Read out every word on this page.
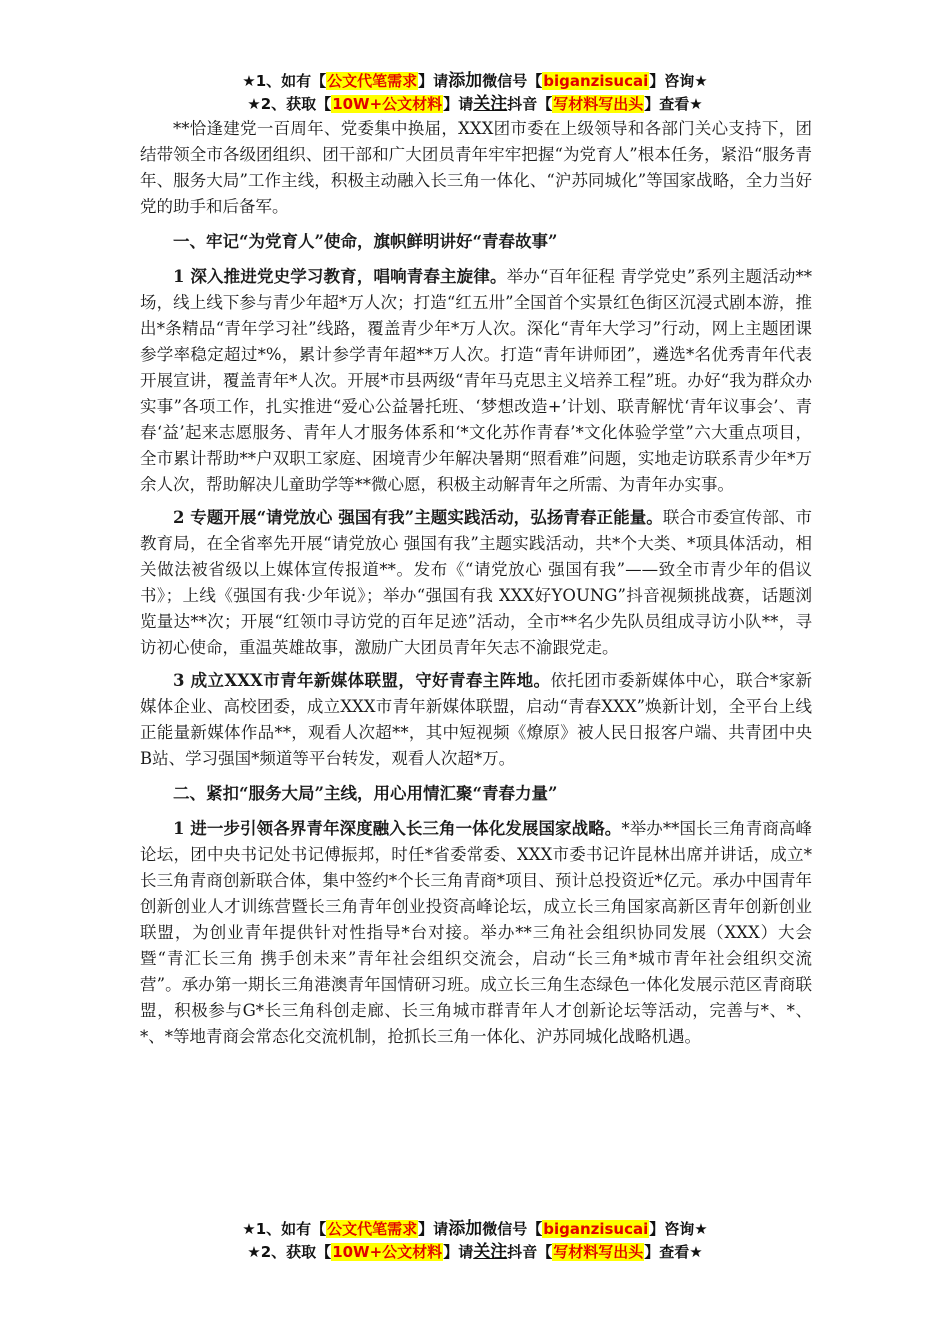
★1、如有【公文代笔需求】请添加微信号【biganzisucai】咨询★
★2、获取【10W+公文材料】请关注抖音【写材料写出头】查看★

**恰逢建党一百周年、党委集中换届，XXX团市委在上级领导和各部门关心支持下，团结带领全市各级团组织、团干部和广大团员青年牢牢把握“为党育人”根本任务，紧沿“服务青年、服务大局”工作主线，积极主动融入长三角一体化、“沪苏同城化”等国家战略，全力当好党的助手和后备军。

一、牢记“为党育人”使命，旗帜鲜明讲好“青春故事”

1 深入推进党史学习教育，唱响青春主旋律。举办“百年征程 青学党史”系列主题活动**场，线上线下参与青少年超*万人次；打造“红五卅”全国首个实景红色街区沉浸式剧本游，推出*条精品“青年学习社”线路，覆盖青少年*万人次。深化“青年大学习”行动，网上主题团课参学率稳定超过*%，累计参学青年超**万人次。打造“青年讲师团”，遴选*名优秀青年代表开展宣讲，覆盖青年*人次。开展*市县两级“青年马克思主义培养工程”班。办好“我为群众办实事”各项工作，扎实推进“爱心公益暑托班、‘梦想改造+’计划、联青解忧‘青年议事会’、青春‘益’起来志愿服务、青年人才服务体系和‘*文化苏作青春’*文化体验学堂”六大重点项目，全市累计帮助**户双职工家庭、困境青少年解决暑期“照看难”问题，实地走访联系青少年*万余人次，帮助解决儿童助学等**微心愿，积极主动解青年之所需、为青年办实事。

2 专题开展“请党放心 强国有我”主题实践活动，弘扬青春正能量。联合市委宣传部、市教育局，在全省率先开展“请党放心 强国有我”主题实践活动，共*个大类、*项具体活动，相关做法被省级以上媒体宣传报道**。发布《“请党放心 强国有我”——致全市青少年的倡议书》；上线《强国有我·少年说》；举办“强国有我 XXX好YOUNG”抖音视频挑战赛，话题浏览量达**次；开展“红领巾寻访党的百年足迹”活动，全市**名少先队员组成寻访小队**，寻访初心使命，重温英雄故事，激励广大团员青年矢志不渝跟党走。

3 成立XXX市青年新媒体联盟，守好青春主阵地。依托团市委新媒体中心，联合*家新媒体企业、高校团委，成立XXX市青年新媒体联盟，启动“青春XXX”焕新计划，全平台上线正能量新媒体作品**，观看人次超**，其中短视频《燎原》被人民日报客户端、共青团中央B站、学习强国*频道等平台转发，观看人次超*万。

二、紧扣“服务大局”主线，用心用情汇聚“青春力量”

1 进一步引领各界青年深度融入长三角一体化发展国家战略。*举办**国长三角青商高峰论坛，团中央书记处书记傅振邦，时任*省委常委、XXX市委书记许昆林出席并讲话，成立*长三角青商创新联合体，集中签约*个长三角青商*项目、预计总投资近*亿元。承办中国青年创新创业人才训练营暨长三角青年创业投资高峰论坛，成立长三角国家高新区青年创新创业联盟，为创业青年提供针对性指导*台对接。举办**三角社会组织协同发展（XXX）大会暨“青汇长三角 携手创未来”青年社会组织交流会，启动“长三角*城市青年社会组织交流营”。承办第一期长三角港澳青年国情研习班。成立长三角生态绿色一体化发展示范区青商联盟，积极参与G*长三角科创走廊、长三角城市群青年人才创新论坛等活动，完善与*、*、*、*等地青商会常态化交流机制，抢抓长三角一体化、沪苏同城化战略机遇。

★1、如有【公文代笔需求】请添加微信号【biganzisucai】咨询★
★2、获取【10W+公文材料】请关注抖音【写材料写出头】查看★
